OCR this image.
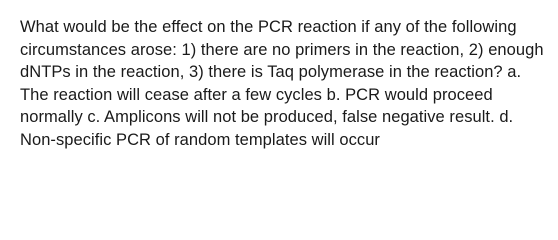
What would be the effect on the PCR reaction if any of the following circumstances arose: 1) there are no primers in the reaction, 2) enough dNTPs in the reaction, 3) there is Taq polymerase in the reaction? a. The reaction will cease after a few cycles b. PCR would proceed normally c. Amplicons will not be produced, false negative result. d. Non-specific PCR of random templates will occur
